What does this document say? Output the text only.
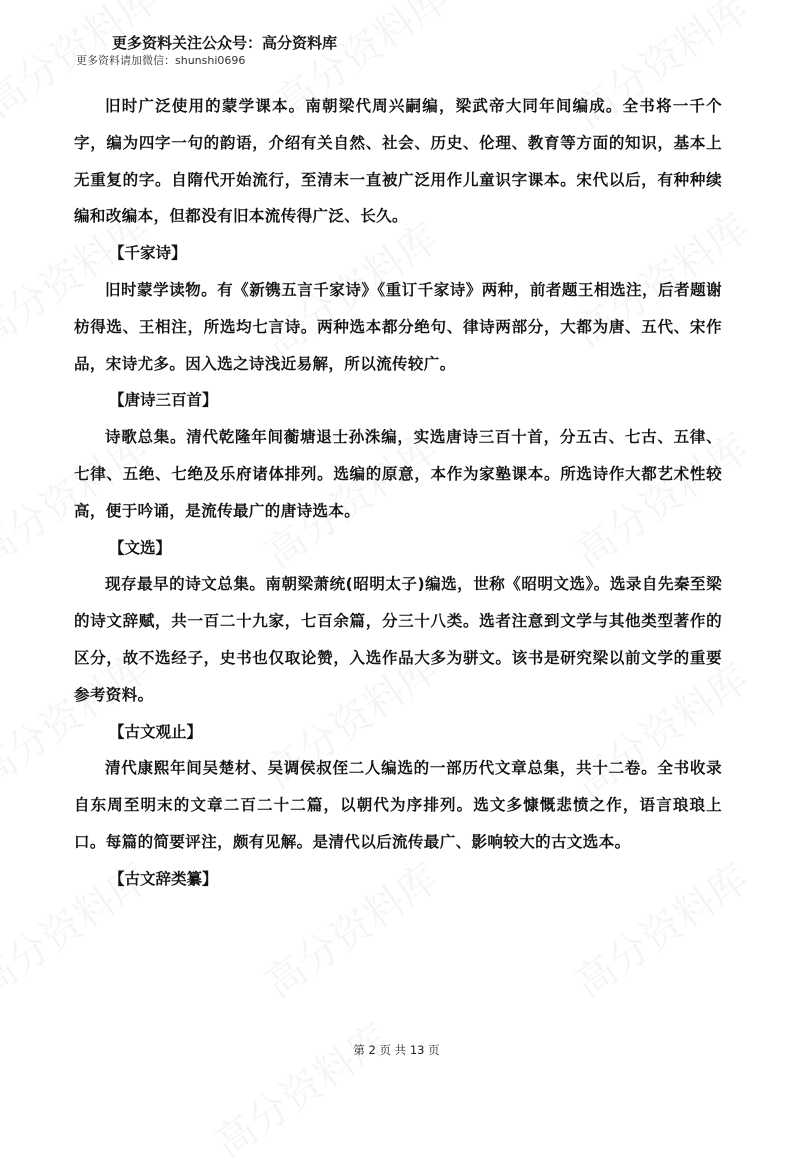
更多资料关注公众号：高分资料库
更多资料请加微信：shunshi0696

旧时广泛使用的蒙学课本。南朝梁代周兴嗣编，梁武帝大同年间编成。全书将一千个字，编为四字一句的韵语，介绍有关自然、社会、历史、伦理、教育等方面的知识，基本上无重复的字。自隋代开始流行，至清末一直被广泛用作儿童识字课本。宋代以后，有种种续编和改编本，但都没有旧本流传得广泛、长久。

【千家诗】

旧时蒙学读物。有《新镌五言千家诗》《重订千家诗》两种，前者题王相选注，后者题谢枋得选、王相注，所选均七言诗。两种选本都分绝句、律诗两部分，大都为唐、五代、宋作品，宋诗尤多。因入选之诗浅近易解，所以流传较广。

【唐诗三百首】

诗歌总集。清代乾隆年间蘅塘退士孙洙编，实选唐诗三百十首，分五古、七古、五律、七律、五绝、七绝及乐府诸体排列。选编的原意，本作为家塾课本。所选诗作大都艺术性较高，便于吟诵，是流传最广的唐诗选本。

【文选】

现存最早的诗文总集。南朝梁萧统(昭明太子)编选，世称《昭明文选》。选录自先秦至梁的诗文辞赋，共一百二十九家，七百余篇，分三十八类。选者注意到文学与其他类型著作的区分，故不选经子，史书也仅取论赞，入选作品大多为骈文。该书是研究梁以前文学的重要参考资料。

【古文观止】

清代康熙年间吴楚材、吴调侯叔侄二人编选的一部历代文章总集，共十二卷。全书收录自东周至明末的文章二百二十二篇，以朝代为序排列。选文多慷慨悲愤之作，语言琅琅上口。每篇的简要评注，颇有见解。是清代以后流传最广、影响较大的古文选本。

【古文辞类纂】

第 2 页 共 13 页
